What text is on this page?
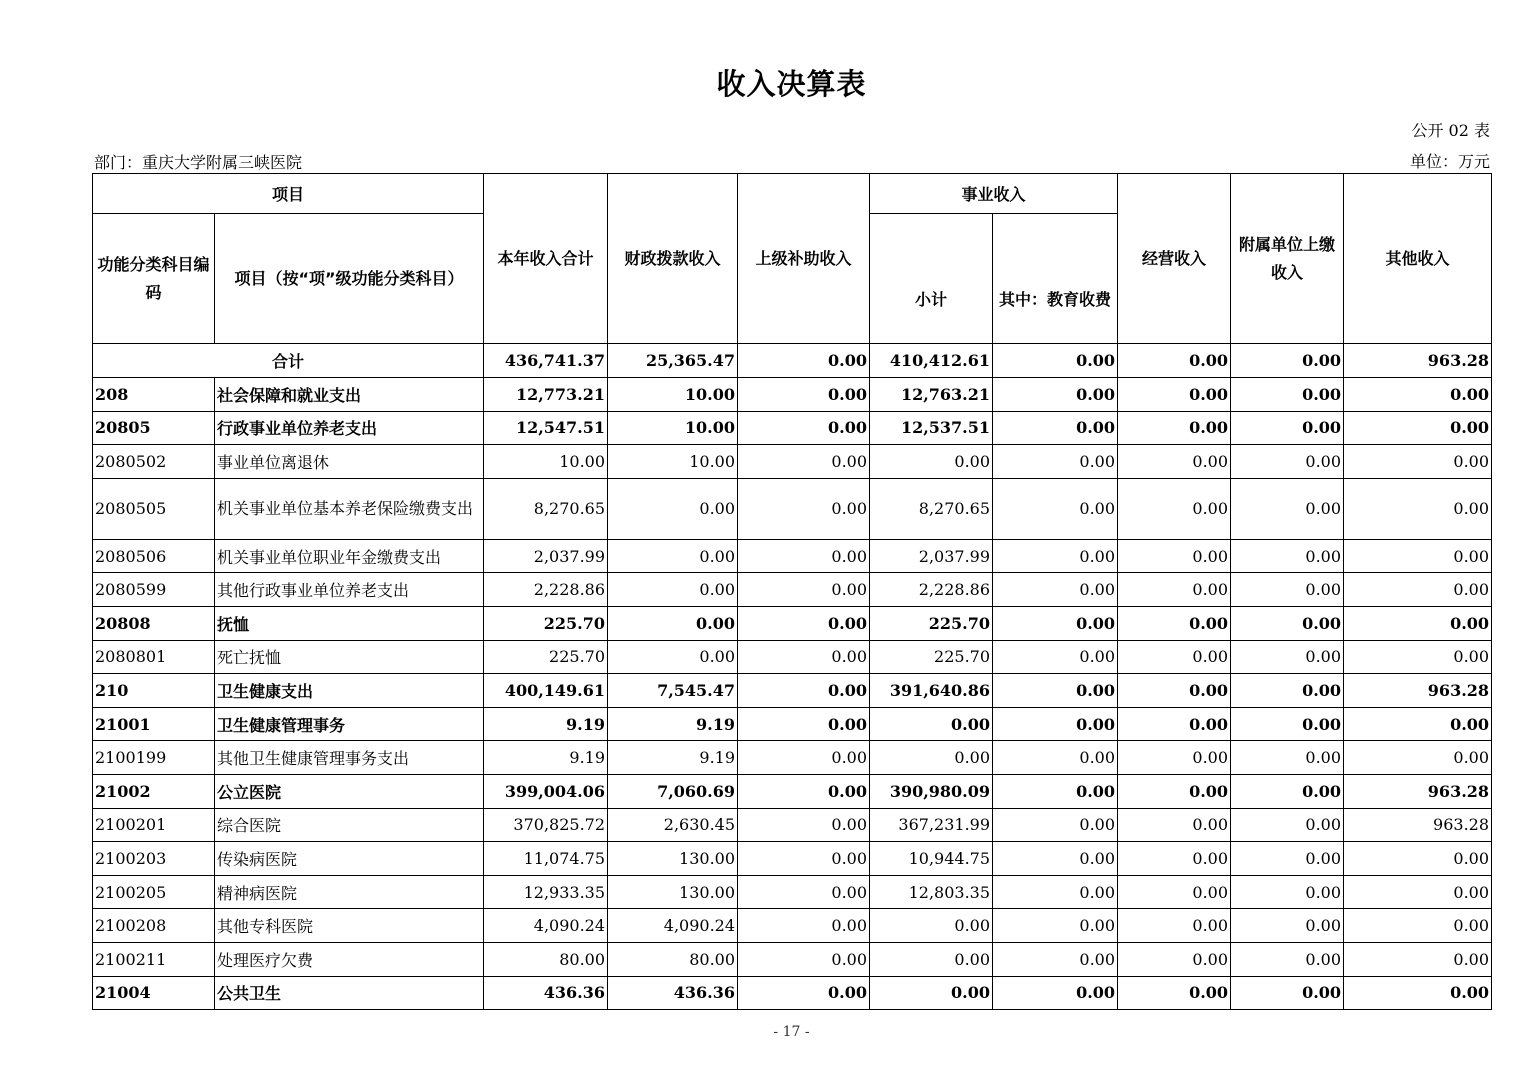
收入决算表
公开 02 表
部门：重庆大学附属三峡医院	单位：万元
项目		本年收入合计	财政拨款收入	上级补助收入	事业收入		经营收入	附属单位上缴收入	其他收入
功能分类科目编码	项目（按“项”级功能分类科目）				小计	其中：教育收费			
合计		436,741.37	25,365.47	0.00	410,412.61	0.00	0.00	0.00	963.28
208	社会保障和就业支出	12,773.21	10.00	0.00	12,763.21	0.00	0.00	0.00	0.00
20805	行政事业单位养老支出	12,547.51	10.00	0.00	12,537.51	0.00	0.00	0.00	0.00
2080502	事业单位离退休	10.00	10.00	0.00	0.00	0.00	0.00	0.00	0.00
2080505	机关事业单位基本养老保险缴费支出	8,270.65	0.00	0.00	8,270.65	0.00	0.00	0.00	0.00
2080506	机关事业单位职业年金缴费支出	2,037.99	0.00	0.00	2,037.99	0.00	0.00	0.00	0.00
2080599	其他行政事业单位养老支出	2,228.86	0.00	0.00	2,228.86	0.00	0.00	0.00	0.00
20808	抚恤	225.70	0.00	0.00	225.70	0.00	0.00	0.00	0.00
2080801	死亡抚恤	225.70	0.00	0.00	225.70	0.00	0.00	0.00	0.00
210	卫生健康支出	400,149.61	7,545.47	0.00	391,640.86	0.00	0.00	0.00	963.28
21001	卫生健康管理事务	9.19	9.19	0.00	0.00	0.00	0.00	0.00	0.00
2100199	其他卫生健康管理事务支出	9.19	9.19	0.00	0.00	0.00	0.00	0.00	0.00
21002	公立医院	399,004.06	7,060.69	0.00	390,980.09	0.00	0.00	0.00	963.28
2100201	综合医院	370,825.72	2,630.45	0.00	367,231.99	0.00	0.00	0.00	963.28
2100203	传染病医院	11,074.75	130.00	0.00	10,944.75	0.00	0.00	0.00	0.00
2100205	精神病医院	12,933.35	130.00	0.00	12,803.35	0.00	0.00	0.00	0.00
2100208	其他专科医院	4,090.24	4,090.24	0.00	0.00	0.00	0.00	0.00	0.00
2100211	处理医疗欠费	80.00	80.00	0.00	0.00	0.00	0.00	0.00	0.00
21004	公共卫生	436.36	436.36	0.00	0.00	0.00	0.00	0.00	0.00
- 17 -
